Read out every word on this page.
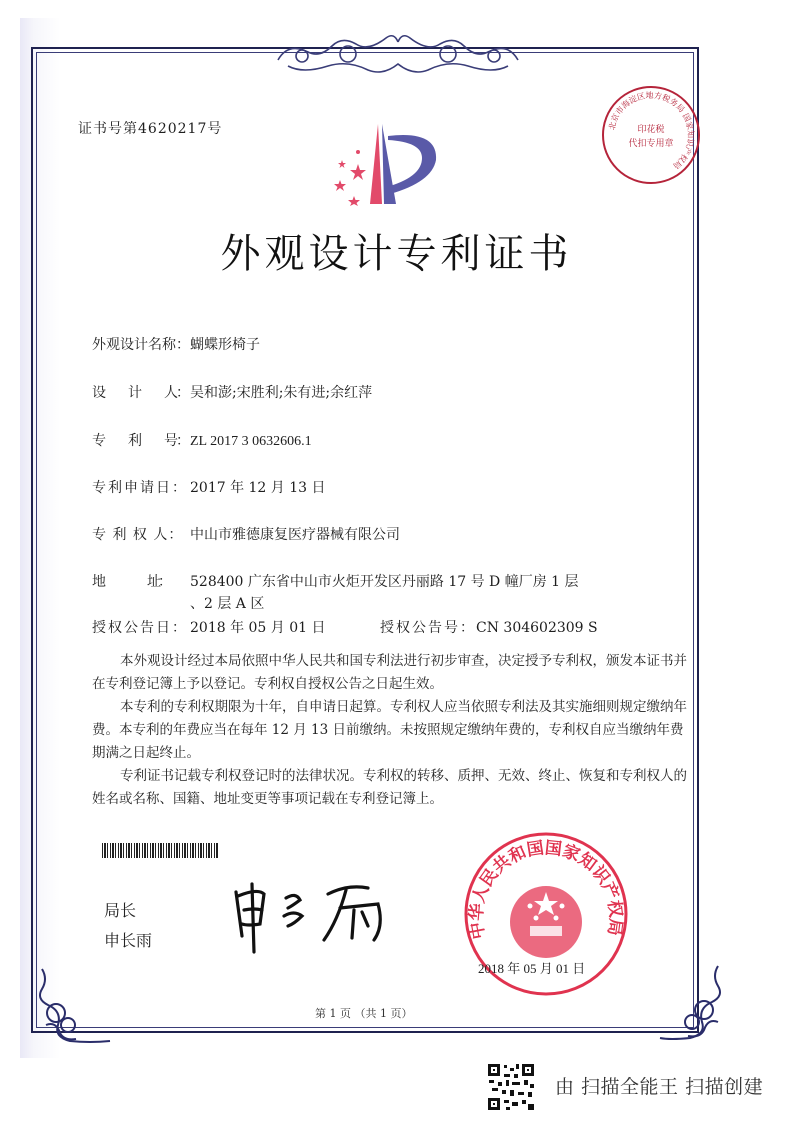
证书号第4620217号	印花税
代扣专用章
北京市海淀区地方税务局 国家知识产权局
外观设计专利证书
外观设计名称：蝴蝶形椅子
设　　计　　人： 吴和澎;宋胜利;朱有进;余红萍
专　　利　　号： ZL 2017 3 0632606.1
专利申请日： 2017 年 12 月 13 日
专 利 权 人： 中山市雅德康复医疗器械有限公司
地　　　　址： 528400 广东省中山市火炬开发区丹丽路 17 号 D 幢厂房 1 层
、2 层 A 区
授权公告日： 2018 年 05 月 01 日	授权公告号：CN 304602309 S
本外观设计经过本局依照中华人民共和国专利法进行初步审查，决定授予专利权，颁发本证书并在专利登记簿上予以登记。专利权自授权公告之日起生效。
本专利的专利权期限为十年，自申请日起算。专利权人应当依照专利法及其实施细则规定缴纳年费。本专利的年费应当在每年 12 月 13 日前缴纳。未按照规定缴纳年费的，专利权自应当缴纳年费期满之日起终止。
专利证书记载专利权登记时的法律状况。专利权的转移、质押、无效、终止、恢复和专利权人的姓名或名称、国籍、地址变更等事项记载在专利登记簿上。
局长
申长雨	中华人民共和国国家知识产权局
2018 年 05 月 01 日
第 1 页 （共 1 页）
由 扫描全能王 扫描创建
